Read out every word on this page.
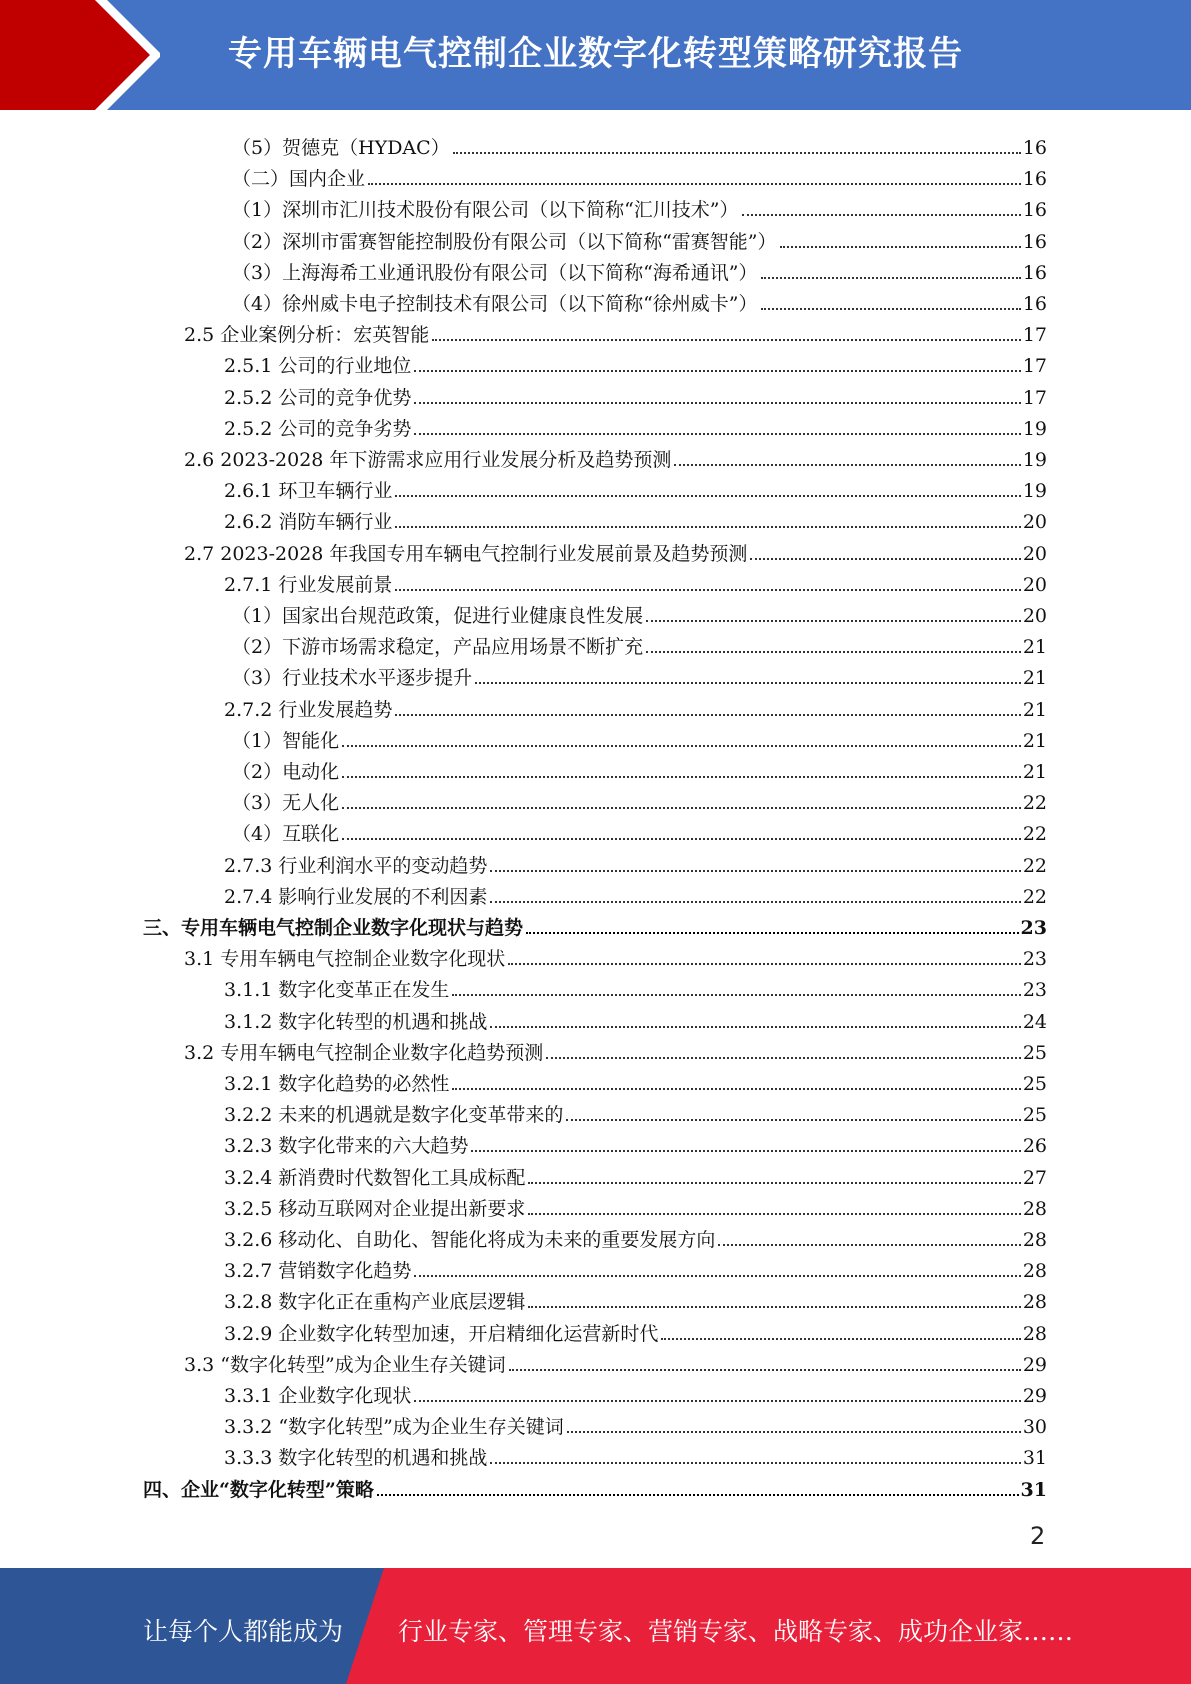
专用车辆电气控制企业数字化转型策略研究报告
（5）贺德克（HYDAC）	16
（二）国内企业	16
（1）深圳市汇川技术股份有限公司（以下简称“汇川技术”）	16
（2）深圳市雷赛智能控制股份有限公司（以下简称“雷赛智能”）	16
（3）上海海希工业通讯股份有限公司（以下简称“海希通讯”）	16
（4）徐州威卡电子控制技术有限公司（以下简称“徐州威卡”）	16
2.5 企业案例分析：宏英智能	17
2.5.1 公司的行业地位	17
2.5.2 公司的竞争优势	17
2.5.2 公司的竞争劣势	19
2.6 2023-2028 年下游需求应用行业发展分析及趋势预测	19
2.6.1 环卫车辆行业	19
2.6.2 消防车辆行业	20
2.7 2023-2028 年我国专用车辆电气控制行业发展前景及趋势预测	20
2.7.1 行业发展前景	20
（1）国家出台规范政策，促进行业健康良性发展	20
（2）下游市场需求稳定，产品应用场景不断扩充	21
（3）行业技术水平逐步提升	21
2.7.2 行业发展趋势	21
（1）智能化	21
（2）电动化	21
（3）无人化	22
（4）互联化	22
2.7.3 行业利润水平的变动趋势	22
2.7.4 影响行业发展的不利因素	22
三、专用车辆电气控制企业数字化现状与趋势	23
3.1 专用车辆电气控制企业数字化现状	23
3.1.1 数字化变革正在发生	23
3.1.2 数字化转型的机遇和挑战	24
3.2 专用车辆电气控制企业数字化趋势预测	25
3.2.1 数字化趋势的必然性	25
3.2.2 未来的机遇就是数字化变革带来的	25
3.2.3 数字化带来的六大趋势	26
3.2.4 新消费时代数智化工具成标配	27
3.2.5 移动互联网对企业提出新要求	28
3.2.6 移动化、自助化、智能化将成为未来的重要发展方向	28
3.2.7 营销数字化趋势	28
3.2.8 数字化正在重构产业底层逻辑	28
3.2.9 企业数字化转型加速，开启精细化运营新时代	28
3.3 “数字化转型”成为企业生存关键词	29
3.3.1 企业数字化现状	29
3.3.2 “数字化转型”成为企业生存关键词	30
3.3.3 数字化转型的机遇和挑战	31
四、企业“数字化转型”策略	31
2
让每个人都能成为 行业专家、管理专家、营销专家、战略专家、成功企业家……
